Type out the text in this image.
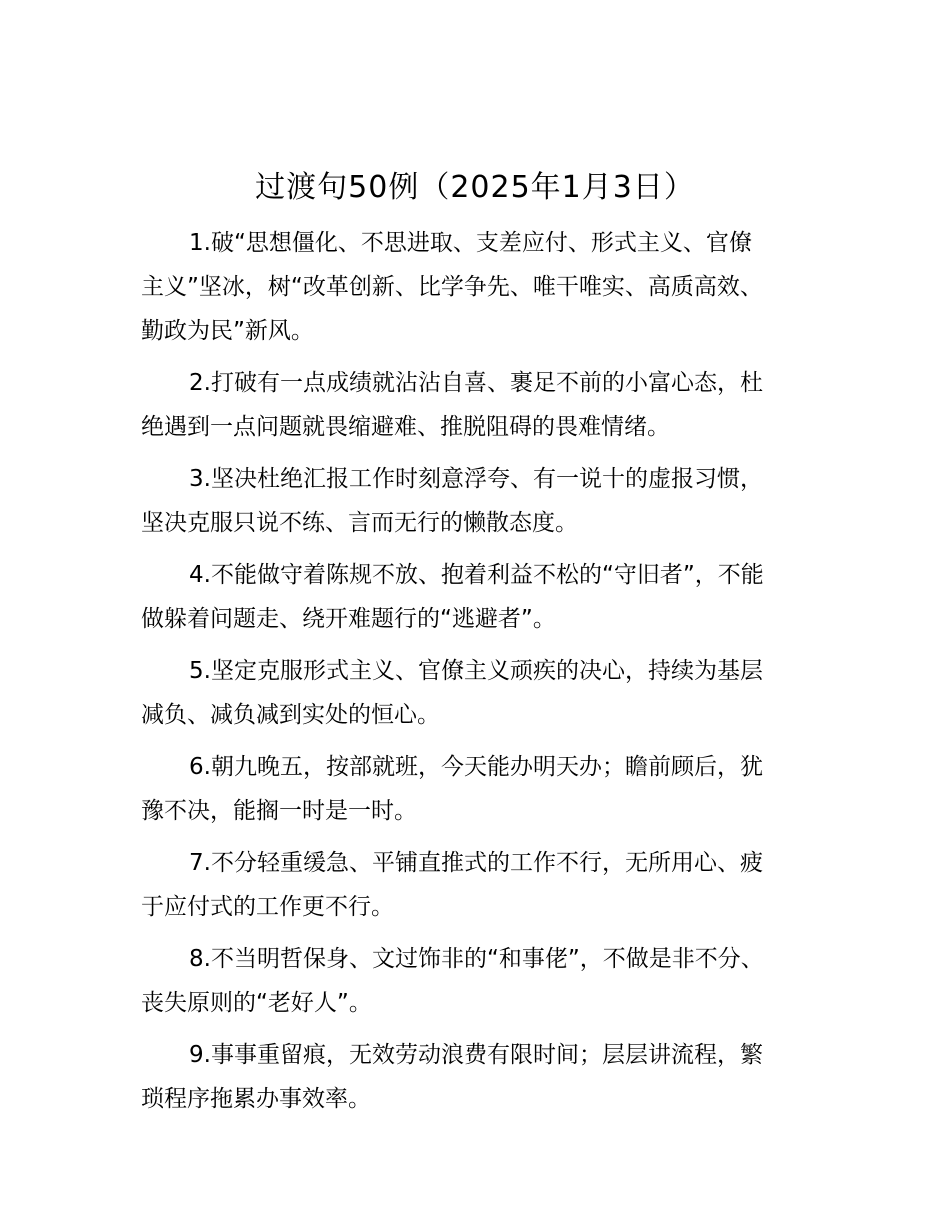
过渡句50例（2025年1月3日）

1.破“思想僵化、不思进取、支差应付、形式主义、官僚
主义”坚冰，树“改革创新、比学争先、唯干唯实、高质高效、
勤政为民”新风。

2.打破有一点成绩就沾沾自喜、裹足不前的小富心态，杜
绝遇到一点问题就畏缩避难、推脱阻碍的畏难情绪。

3.坚决杜绝汇报工作时刻意浮夸、有一说十的虚报习惯，
坚决克服只说不练、言而无行的懒散态度。

4.不能做守着陈规不放、抱着利益不松的“守旧者”，不能
做躲着问题走、绕开难题行的“逃避者”。

5.坚定克服形式主义、官僚主义顽疾的决心，持续为基层
减负、减负减到实处的恒心。

6.朝九晚五，按部就班，今天能办明天办；瞻前顾后，犹
豫不决，能搁一时是一时。

7.不分轻重缓急、平铺直推式的工作不行，无所用心、疲
于应付式的工作更不行。

8.不当明哲保身、文过饰非的“和事佬”，不做是非不分、
丧失原则的“老好人”。

9.事事重留痕，无效劳动浪费有限时间；层层讲流程，繁
琐程序拖累办事效率。
